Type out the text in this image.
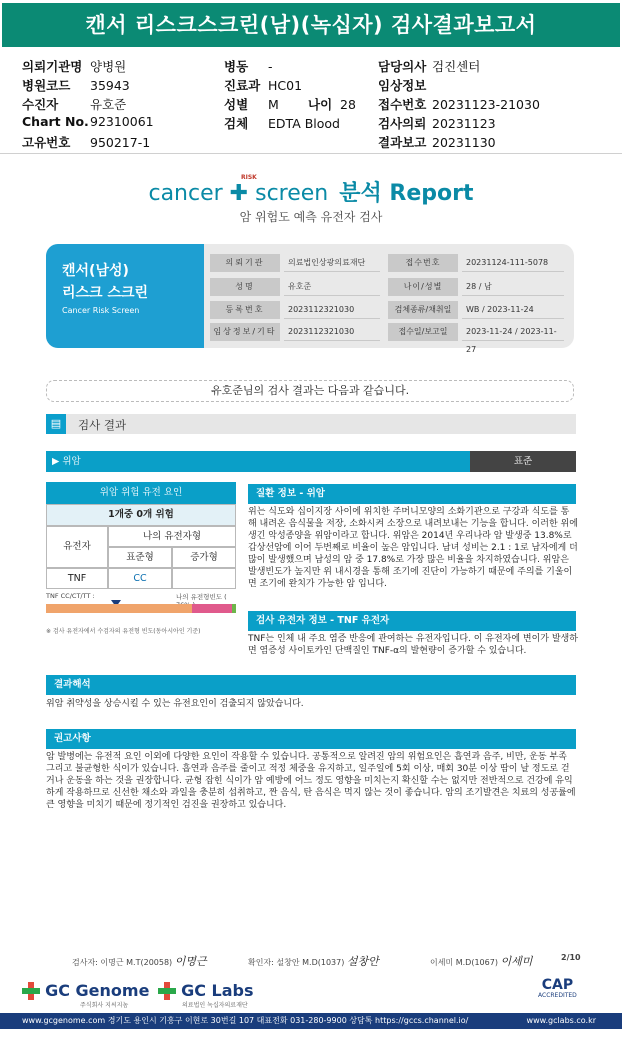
캔서 리스크스크린(남)(녹십자) 검사결과보고서
의뢰기관명 양병원
병원코드 35943
수진자	유호준
Chart No.92310061
고유번호 950217-1
병동 -
진료과 HC01
성별 M 나이 28
검체 EDTA Blood
담당의사 검진센터
임상정보
접수번호 20231123-21030
검사의뢰 20231123
결과보고 20231130
RISK
cancer ✚ screen 분석 Report
암 위험도 예측 유전자 검사
캔서(남성)
리스크 스크린
Cancer Risk Screen
의뢰기관	의료법인상광의료재단
성명	유호준
등록번호	2023112321030
임상정보/기타	2023112321030
접수번호	20231124-111-5078
나이/성별	28 / 남
검체종류/채취일	WB / 2023-11-24
접수일/보고일	2023-11-24 / 2023-11-27
유호준님의 검사 결과는 다음과 같습니다.
▤	검사 결과
▶ 위암	표준
위암 위험 유전 요인
1개중 0개 위험
유전자
나의 유전자형
표준형	증가형
TNF	CC
TNF CC/CT/TT :	나의 유전형빈도 (
※ 검사 유전자에서 수검자의 유전형 빈도(동아시아인 기준)
질환 정보 - 위암
위는 식도와 십이지장 사이에 위치한 주머니모양의 소화기관으로 구강과 식도를 통해 내려온 음식물을 저장, 소화시켜 소장으로 내려보내는 기능을 합니다. 이러한 위에 생긴 악성종양을 위암이라고 합니다. 위암은 2014년 우리나라 암 발생중 13.8%로 갑상선암에 이어 두번째로 비율이 높은 암입니다. 남녀 성비는 2.1 : 1로 남자에게 더 많이 발생했으며 남성의 암 중 17.8%로 가장 많은 비율을 차지하였습니다. 위암은 발생빈도가 높지만 위 내시경을 통해 조기에 진단이 가능하기 때문에 주의를 기울이면 조기에 완치가 가능한 암 입니다.
검사 유전자 정보 - TNF 유전자
TNF는 인체 내 주요 염증 반응에 관여하는 유전자입니다. 이 유전자에 변이가 발생하면 염증성 사이토카인 단백질인 TNF-α의 발현량이 증가할 수 있습니다.
결과해석
위암 취약성을 상승시킬 수 있는 유전요인이 검출되지 않았습니다.
권고사항
암 발병에는 유전적 요인 이외에 다양한 요인이 작용할 수 있습니다. 공통적으로 알려진 암의 위험요인은 흡연과 음주, 비만, 운동 부족 그리고 불균형한 식이가 있습니다. 흡연과 음주를 줄이고 적정 체중을 유지하고, 일주일에 5회 이상, 매회 30분 이상 땀이 날 정도로 걷거나 운동을 하는 것을 권장합니다. 균형 잡힌 식이가 암 예방에 어느 정도 영향을 미치는지 확신할 수는 없지만 전반적으로 건강에 유익하게 작용하므로 신선한 채소와 과일을 충분히 섭취하고, 짠 음식, 탄 음식은 먹지 않는 것이 좋습니다. 암의 조기발견은 치료의 성공률에 큰 영향을 미치기 때문에 정기적인 검진을 권장하고 있습니다.
검사자: 이명근 M.T(20058) 이명근	확인자: 설창안 M.D(1037) 설창안	이세미 M.D(1067) 이세미	2/10
GC Genome
주식회사 지씨지놈
GC Labs
의료법인 녹십자의료재단
CAP
ACCREDITED
www.gcgenome.com 경기도 용인시 기흥구 이현로 30번길 107 대표전화 031-280-9900 상담톡 https://gccs.channel.io/	www.gclabs.co.kr
